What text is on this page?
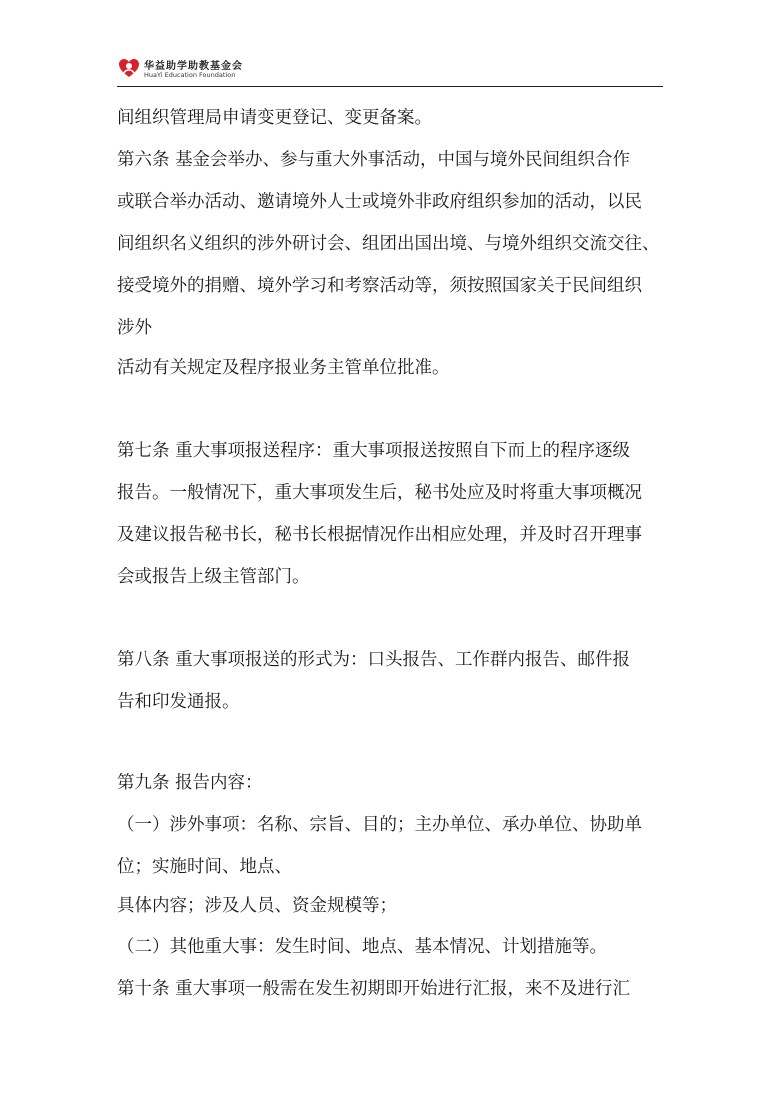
华益助学助教基金会
HuaYi Education Foundation
间组织管理局申请变更登记、变更备案。
第六条 基金会举办、参与重大外事活动，中国与境外民间组织合作
或联合举办活动、邀请境外人士或境外非政府组织参加的活动，以民
间组织名义组织的涉外研讨会、组团出国出境、与境外组织交流交往、
接受境外的捐赠、境外学习和考察活动等，须按照国家关于民间组织
涉外
活动有关规定及程序报业务主管单位批准。
第七条 重大事项报送程序：重大事项报送按照自下而上的程序逐级
报告。一般情况下，重大事项发生后，秘书处应及时将重大事项概况
及建议报告秘书长，秘书长根据情况作出相应处理，并及时召开理事
会或报告上级主管部门。
第八条 重大事项报送的形式为：口头报告、工作群内报告、邮件报
告和印发通报。
第九条 报告内容：
（一）涉外事项：名称、宗旨、目的；主办单位、承办单位、协助单
位；实施时间、地点、
具体内容；涉及人员、资金规模等；
（二）其他重大事：发生时间、地点、基本情况、计划措施等。
第十条 重大事项一般需在发生初期即开始进行汇报，来不及进行汇
